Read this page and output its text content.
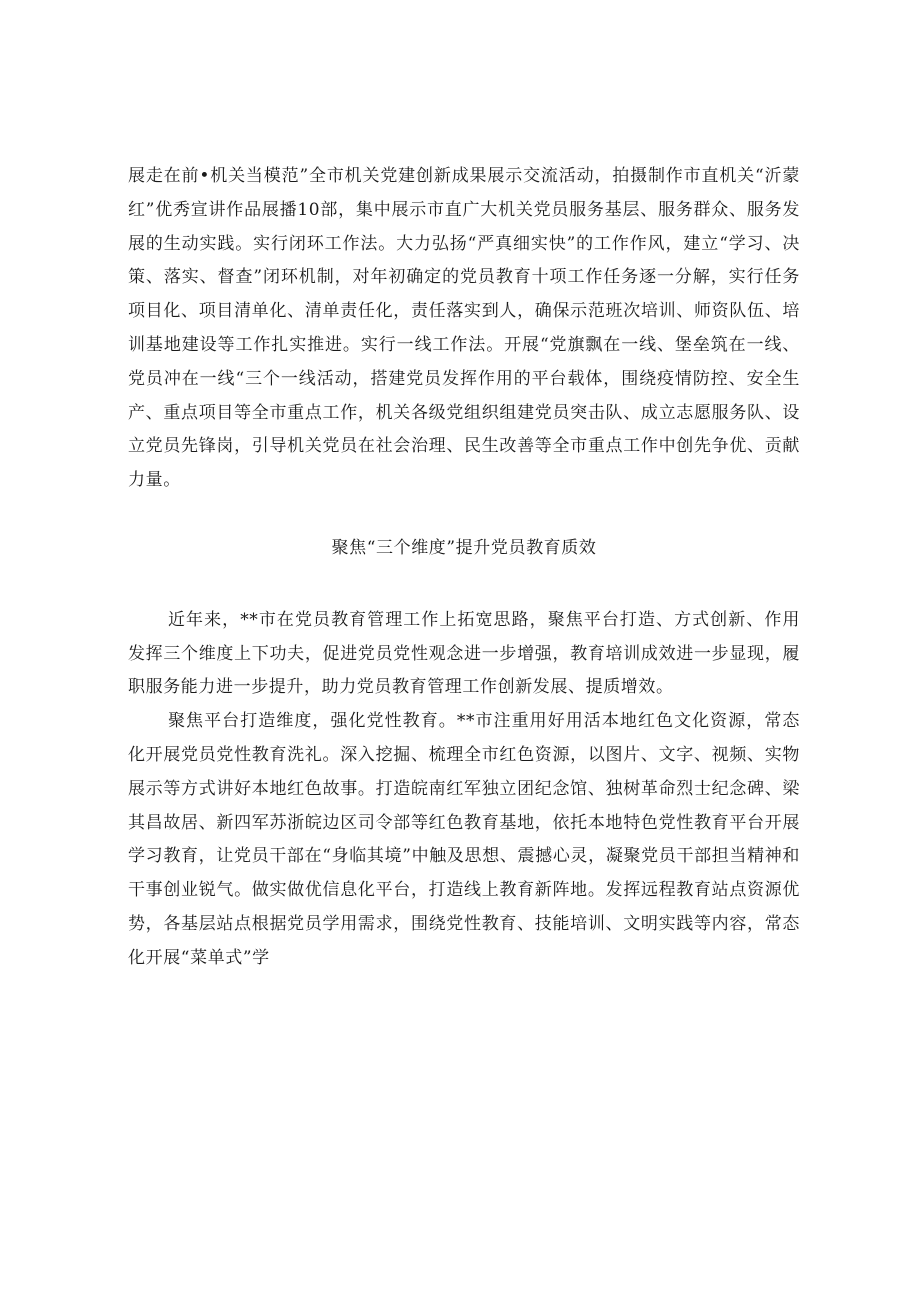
展走在前•机关当模范”全市机关党建创新成果展示交流活动，拍摄制作市直机关“沂蒙红”优秀宣讲作品展播10部，集中展示市直广大机关党员服务基层、服务群众、服务发展的生动实践。实行闭环工作法。大力弘扬“严真细实快”的工作作风，建立“学习、决策、落实、督查”闭环机制，对年初确定的党员教育十项工作任务逐一分解，实行任务项目化、项目清单化、清单责任化，责任落实到人，确保示范班次培训、师资队伍、培训基地建设等工作扎实推进。实行一线工作法。开展“党旗飘在一线、堡垒筑在一线、党员冲在一线“三个一线活动，搭建党员发挥作用的平台载体，围绕疫情防控、安全生产、重点项目等全市重点工作，机关各级党组织组建党员突击队、成立志愿服务队、设立党员先锋岗，引导机关党员在社会治理、民生改善等全市重点工作中创先争优、贡献力量。

聚焦“三个维度”提升党员教育质效

近年来，**市在党员教育管理工作上拓宽思路，聚焦平台打造、方式创新、作用发挥三个维度上下功夫，促进党员党性观念进一步增强，教育培训成效进一步显现，履职服务能力进一步提升，助力党员教育管理工作创新发展、提质增效。

聚焦平台打造维度，强化党性教育。**市注重用好用活本地红色文化资源，常态化开展党员党性教育洗礼。深入挖掘、梳理全市红色资源，以图片、文字、视频、实物展示等方式讲好本地红色故事。打造皖南红军独立团纪念馆、独树革命烈士纪念碑、梁其昌故居、新四军苏浙皖边区司令部等红色教育基地，依托本地特色党性教育平台开展学习教育，让党员干部在“身临其境”中触及思想、震撼心灵，凝聚党员干部担当精神和干事创业锐气。做实做优信息化平台，打造线上教育新阵地。发挥远程教育站点资源优势，各基层站点根据党员学用需求，围绕党性教育、技能培训、文明实践等内容，常态化开展“菜单式”学
